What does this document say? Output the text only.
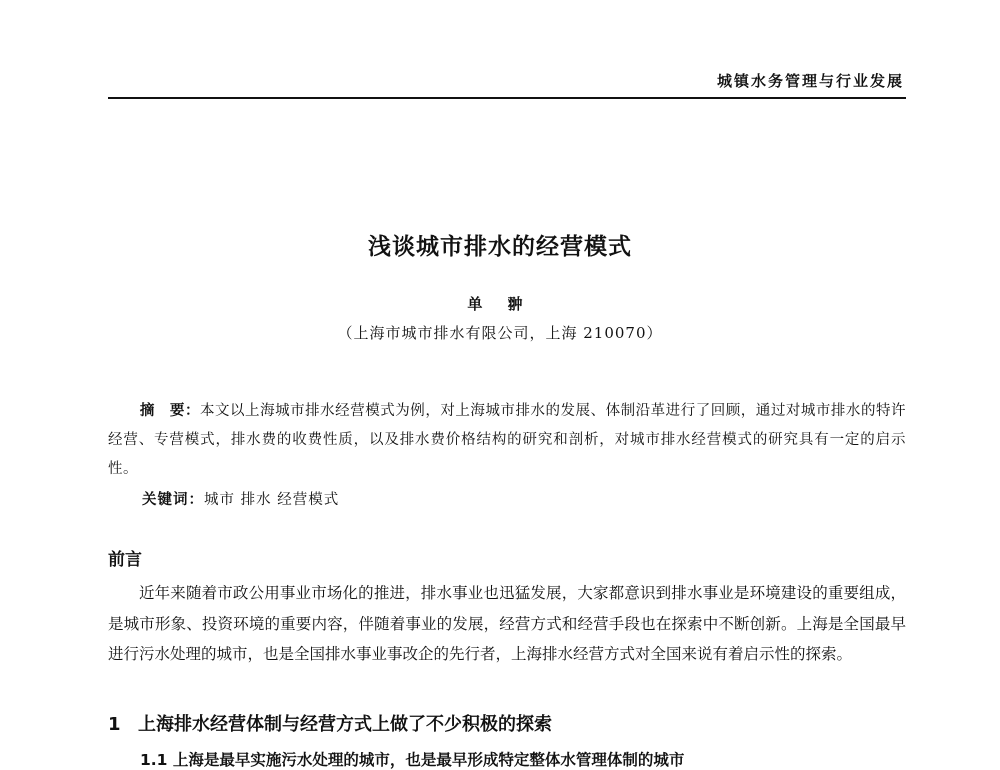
城镇水务管理与行业发展
浅谈城市排水的经营模式
单 翀
（上海市城市排水有限公司，上海 210070）
摘　要：本文以上海城市排水经营模式为例，对上海城市排水的发展、体制沿革进行了回顾，通过对城市排水的特许经营、专营模式，排水费的收费性质，以及排水费价格结构的研究和剖析，对城市排水经营模式的研究具有一定的启示性。
关键词：城市 排水 经营模式
前言
近年来随着市政公用事业市场化的推进，排水事业也迅猛发展，大家都意识到排水事业是环境建设的重要组成，是城市形象、投资环境的重要内容，伴随着事业的发展，经营方式和经营手段也在探索中不断创新。上海是全国最早进行污水处理的城市，也是全国排水事业事改企的先行者，上海排水经营方式对全国来说有着启示性的探索。
1 上海排水经营体制与经营方式上做了不少积极的探索
1.1 上海是最早实施污水处理的城市，也是最早形成特定整体水管理体制的城市
